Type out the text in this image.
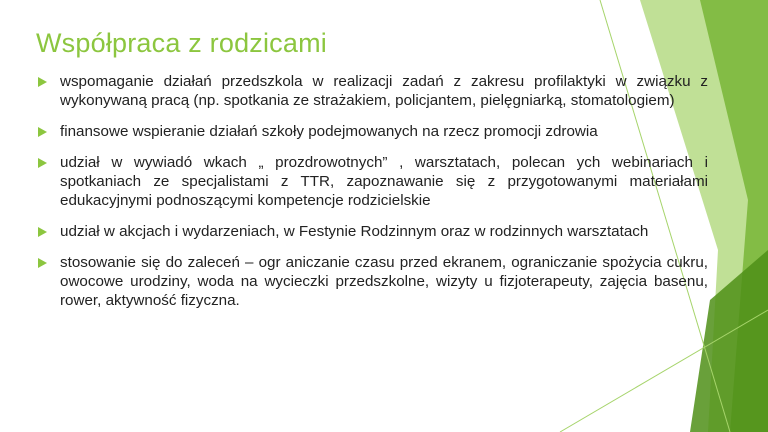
Współpraca z rodzicami
wspomaganie działań przedszkola w realizacji zadań z zakresu profilaktyki w związku z wykonywaną pracą (np. spotkania ze strażakiem, policjantem, pielęgniarką, stomatologiem)
finansowe wspieranie działań szkoły podejmowanych na rzecz promocji zdrowia
udział w wywiadó wkach „ prozdrowotnych” , warsztatach, polecan ych webinariach i spotkaniach ze specjalistami z TTR, zapoznawanie się z przygotowanymi materiałami edukacyjnymi podnoszącymi kompetencje rodzicielskie
udział w akcjach i wydarzeniach, w Festynie Rodzinnym oraz w rodzinnych warsztatach
stosowanie się do zaleceń – ogr aniczanie czasu przed ekranem, ograniczanie spożycia cukru, owocowe urodziny, woda na wycieczki przedszkolne, wizyty u fizjoterapeuty, zajęcia basenu, rower, aktywność fizyczna.
